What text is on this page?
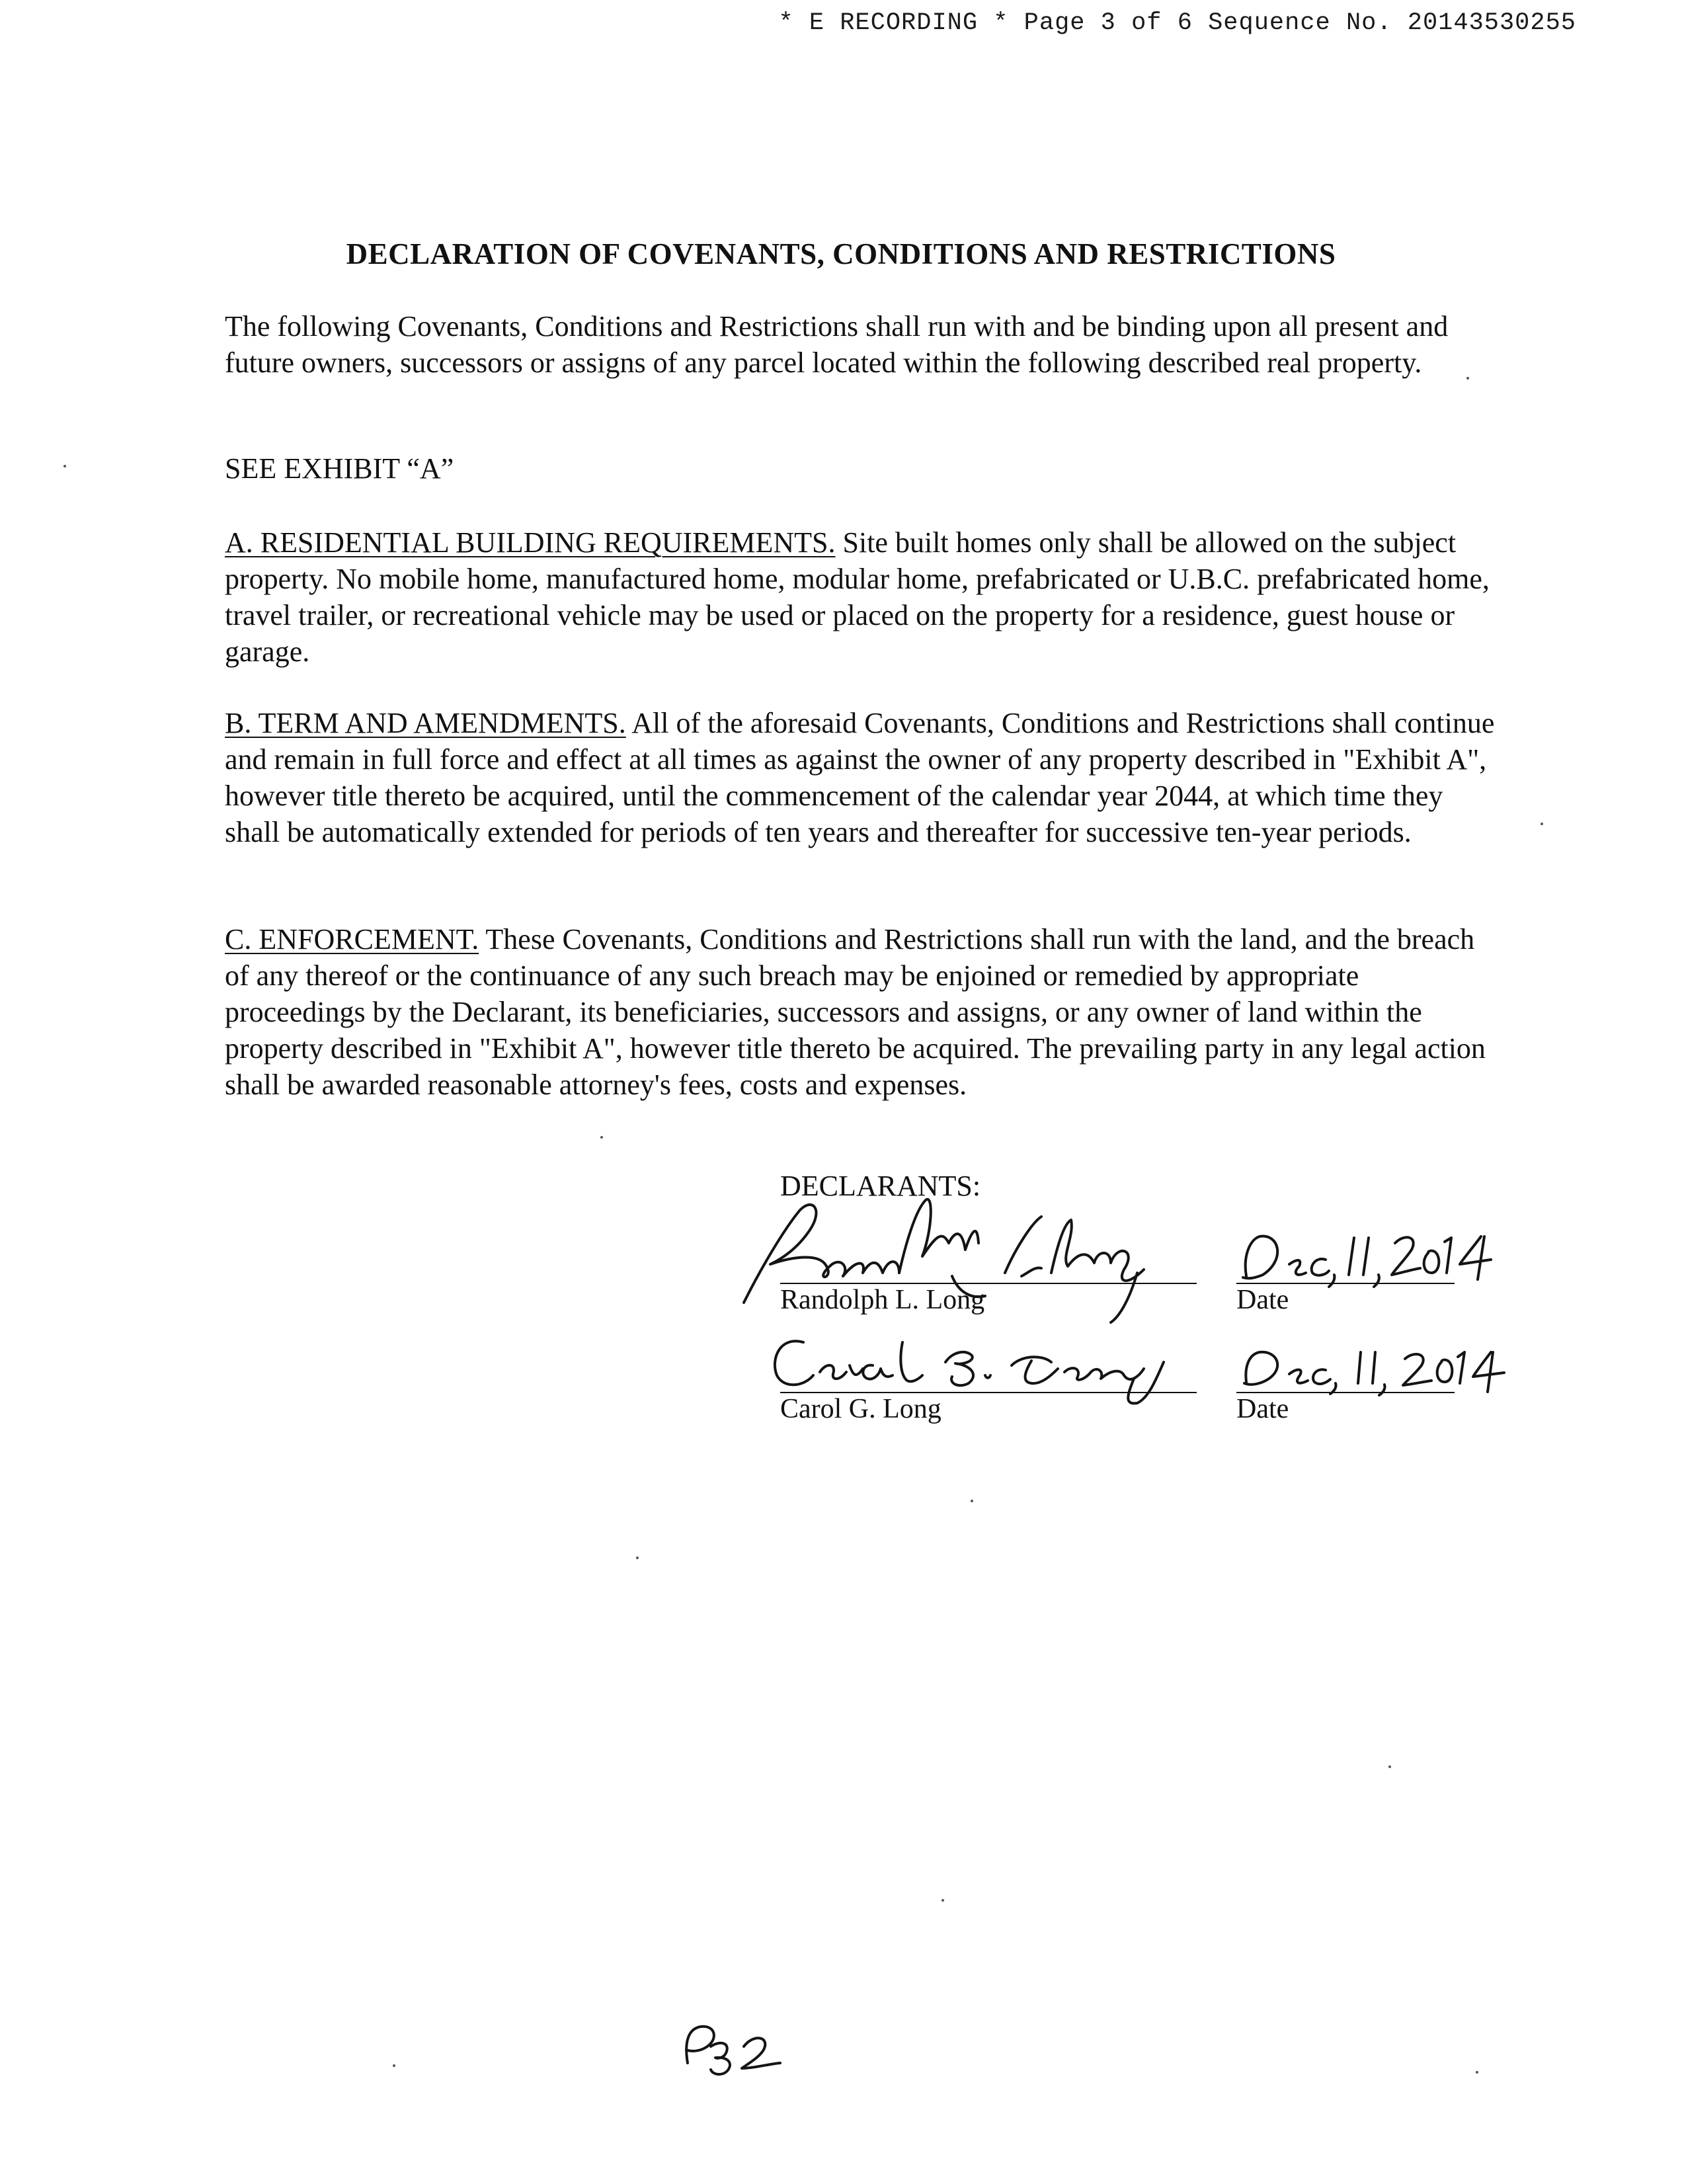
* E RECORDING * Page 3 of 6 Sequence No. 20143530255
DECLARATION OF COVENANTS, CONDITIONS AND RESTRICTIONS

The following Covenants, Conditions and Restrictions shall run with and be binding upon all present and future owners, successors or assigns of any parcel located within the following described real property.

SEE EXHIBIT “A”

A. RESIDENTIAL BUILDING REQUIREMENTS. Site built homes only shall be allowed on the subject property. No mobile home, manufactured home, modular home, prefabricated or U.B.C. prefabricated home, travel trailer, or recreational vehicle may be used or placed on the property for a residence, guest house or garage.

B. TERM AND AMENDMENTS. All of the aforesaid Covenants, Conditions and Restrictions shall continue and remain in full force and effect at all times as against the owner of any property described in "Exhibit A", however title thereto be acquired, until the commencement of the calendar year 2044, at which time they shall be automatically extended for periods of ten years and thereafter for successive ten-year periods.

C. ENFORCEMENT. These Covenants, Conditions and Restrictions shall run with the land, and the breach of any thereof or the continuance of any such breach may be enjoined or remedied by appropriate proceedings by the Declarant, its beneficiaries, successors and assigns, or any owner of land within the property described in "Exhibit A", however title thereto be acquired. The prevailing party in any legal action shall be awarded reasonable attorney's fees, costs and expenses.

DECLARANTS:
Randolph L. Long	Date
Carol G. Long	Date
